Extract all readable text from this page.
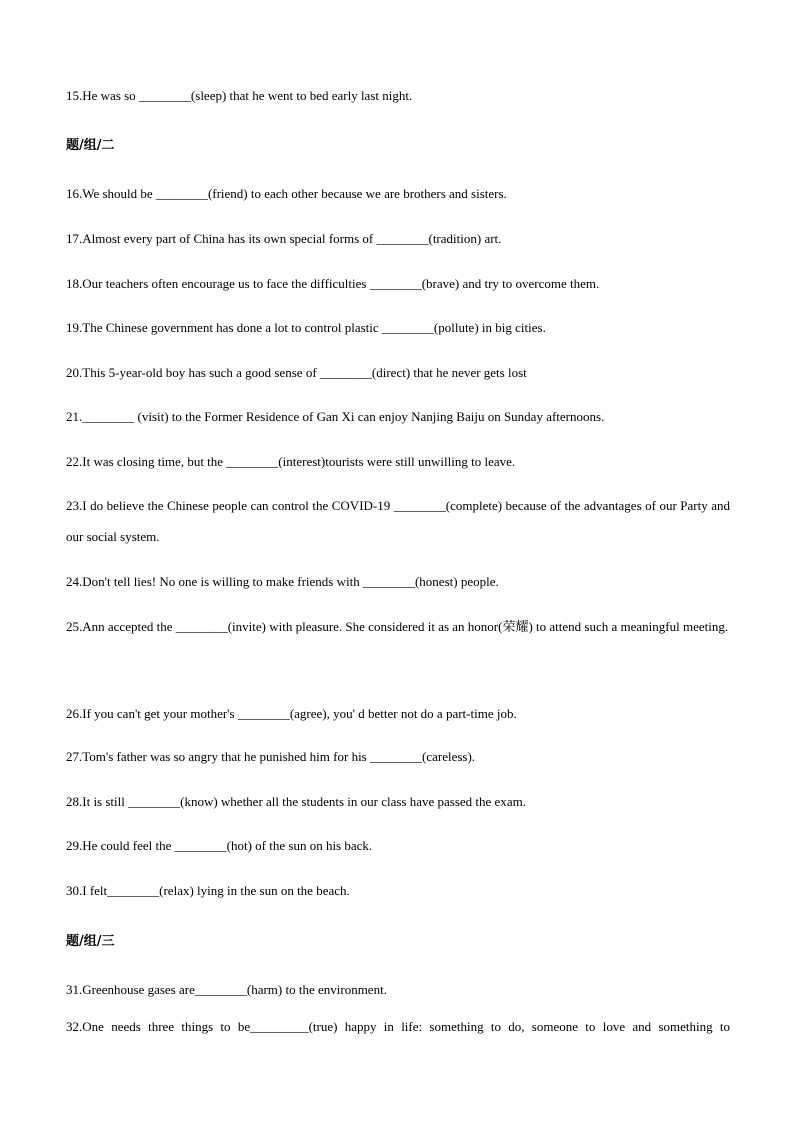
15.He was so ________(sleep) that he went to bed early last night.
题/组/二
16.We should be ________(friend) to each other because we are brothers and sisters.
17.Almost every part of China has its own special forms of ________(tradition) art.
18.Our teachers often encourage us to face the difficulties ________(brave) and try to overcome them.
19.The Chinese government has done a lot to control plastic ________(pollute) in big cities.
20.This 5-year-old boy has such a good sense of ________(direct) that he never gets lost
21.________ (visit) to the Former Residence of Gan Xi can enjoy Nanjing Baiju on Sunday afternoons.
22.It was closing time, but the ________(interest)tourists were still unwilling to leave.
23.I do believe the Chinese people can control the COVID-19 ________(complete) because of the advantages of our Party and our social system.
24.Don't tell lies! No one is willing to make friends with ________(honest) people.
25.Ann accepted the ________(invite) with pleasure. She considered it as an honor(荣耀) to attend such a meaningful meeting.
26.If you can't get your mother's ________(agree), you' d better not do a part-time job.
27.Tom's father was so angry that he punished him for his ________(careless).
28.It is still ________(know) whether all the students in our class have passed the exam.
29.He could feel the ________(hot) of the sun on his back.
30.I felt________(relax) lying in the sun on the beach.
题/组/三
31.Greenhouse gases are________(harm) to the environment.
32.One needs three things to be_________(true) happy in life: something to do, someone to love and something to
